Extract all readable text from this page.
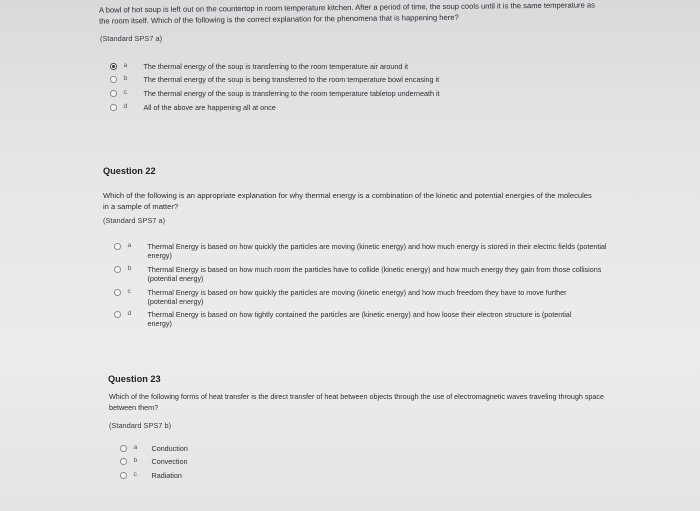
A bowl of hot soup is left out on the countertop in room temperature kitchen. After a period of time, the soup cools until it is the same temperature as the room itself. Which of the following is the correct explanation for the phenomena that is happening here?
(Standard SPS7 a)
a	The thermal energy of the soup is transferring to the room temperature air around it
b	The thermal energy of the soup is being transferred to the room temperature bowl encasing it
c	The thermal energy of the soup is transferring to the room temperature tabletop underneath it
d	All of the above are happening all at once
Question 22
Which of the following is an appropriate explanation for why thermal energy is a combination of the kinetic and potential energies of the molecules in a sample of matter?
(Standard SPS7 a)
a	Thermal Energy is based on how quickly the particles are moving (kinetic energy) and how much energy is stored in their electric fields (potential energy)
b	Thermal Energy is based on how much room the particles have to collide (kinetic energy) and how much energy they gain from those collisions (potential energy)
c	Thermal Energy is based on how quickly the particles are moving (kinetic energy) and how much freedom they have to move further (potential energy)
d	Thermal Energy is based on how tightly contained the particles are (kinetic energy) and how loose their electron structure is (potential energy)
Question 23
Which of the following forms of heat transfer is the direct transfer of heat between objects through the use of electromagnetic waves traveling through space between them?
(Standard SPS7 b)
a	Conduction
b	Convection
c	Radiation
